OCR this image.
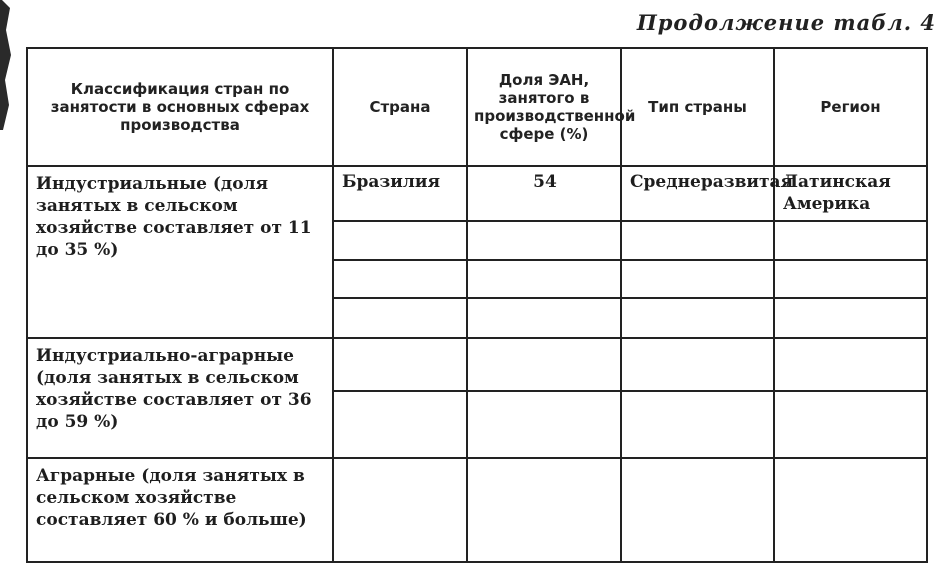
Продолжение табл. 4
Классификация стран по занятости в основных сферах производства	Страна	Доля ЭАН, занятого в производственной сфере (%)	Тип страны	Регион

Индустриальные (доля занятых в сельском хозяйстве составляет от 11 до 35 %)	Бразилия	54	Среднеразвитая	Латинская Америка

Индустриально-аграрные (доля занятых в сельском хозяйстве составляет от 36 до 59 %)				

Аграрные (доля занятых в сельском хозяйстве составляет 60 % и больше)				
